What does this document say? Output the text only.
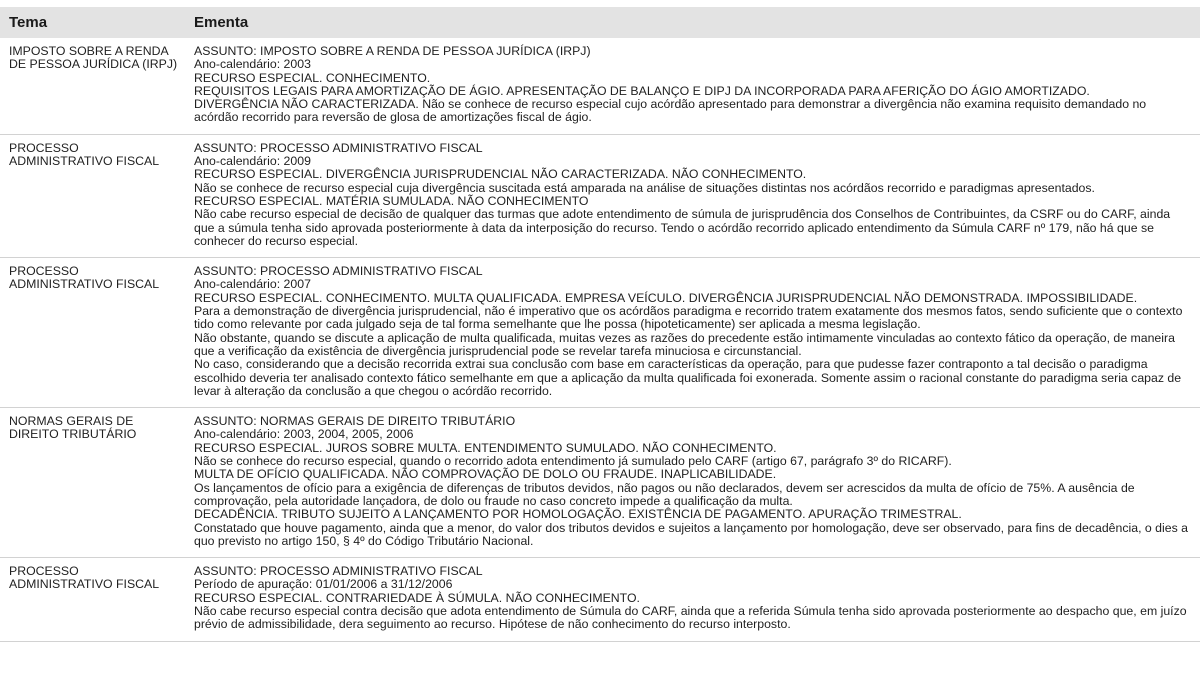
Tema	Ementa
IMPOSTO SOBRE A RENDA DE PESSOA JURÍDICA (IRPJ)
ASSUNTO: IMPOSTO SOBRE A RENDA DE PESSOA JURÍDICA (IRPJ)
Ano-calendário: 2003
RECURSO ESPECIAL. CONHECIMENTO.
REQUISITOS LEGAIS PARA AMORTIZAÇÃO DE ÁGIO. APRESENTAÇÃO DE BALANÇO E DIPJ DA INCORPORADA PARA AFERIÇÃO DO ÁGIO AMORTIZADO.
DIVERGÊNCIA NÃO CARACTERIZADA. Não se conhece de recurso especial cujo acórdão apresentado para demonstrar a divergência não examina requisito demandado no acórdão recorrido para reversão de glosa de amortizações fiscal de ágio.
PROCESSO ADMINISTRATIVO FISCAL
ASSUNTO: PROCESSO ADMINISTRATIVO FISCAL
Ano-calendário: 2009
RECURSO ESPECIAL. DIVERGÊNCIA JURISPRUDENCIAL NÃO CARACTERIZADA. NÃO CONHECIMENTO.
Não se conhece de recurso especial cuja divergência suscitada está amparada na análise de situações distintas nos acórdãos recorrido e paradigmas apresentados.
RECURSO ESPECIAL. MATÉRIA SUMULADA. NÃO CONHECIMENTO
Não cabe recurso especial de decisão de qualquer das turmas que adote entendimento de súmula de jurisprudência dos Conselhos de Contribuintes, da CSRF ou do CARF, ainda que a súmula tenha sido aprovada posteriormente à data da interposição do recurso. Tendo o acórdão recorrido aplicado entendimento da Súmula CARF nº 179, não há que se conhecer do recurso especial.
PROCESSO ADMINISTRATIVO FISCAL
ASSUNTO: PROCESSO ADMINISTRATIVO FISCAL
Ano-calendário: 2007
RECURSO ESPECIAL. CONHECIMENTO. MULTA QUALIFICADA. EMPRESA VEÍCULO. DIVERGÊNCIA JURISPRUDENCIAL NÃO DEMONSTRADA. IMPOSSIBILIDADE.
Para a demonstração de divergência jurisprudencial, não é imperativo que os acórdãos paradigma e recorrido tratem exatamente dos mesmos fatos, sendo suficiente que o contexto tido como relevante por cada julgado seja de tal forma semelhante que lhe possa (hipoteticamente) ser aplicada a mesma legislação.
Não obstante, quando se discute a aplicação de multa qualificada, muitas vezes as razões do precedente estão intimamente vinculadas ao contexto fático da operação, de maneira que a verificação da existência de divergência jurisprudencial pode se revelar tarefa minuciosa e circunstancial.
No caso, considerando que a decisão recorrida extrai sua conclusão com base em características da operação, para que pudesse fazer contraponto a tal decisão o paradigma escolhido deveria ter analisado contexto fático semelhante em que a aplicação da multa qualificada foi exonerada. Somente assim o racional constante do paradigma seria capaz de levar à alteração da conclusão a que chegou o acórdão recorrido.
NORMAS GERAIS DE DIREITO TRIBUTÁRIO
ASSUNTO: NORMAS GERAIS DE DIREITO TRIBUTÁRIO
Ano-calendário: 2003, 2004, 2005, 2006
RECURSO ESPECIAL. JUROS SOBRE MULTA. ENTENDIMENTO SUMULADO. NÃO CONHECIMENTO.
Não se conhece do recurso especial, quando o recorrido adota entendimento já sumulado pelo CARF (artigo 67, parágrafo 3º do RICARF).
MULTA DE OFÍCIO QUALIFICADA. NÃO COMPROVAÇÃO DE DOLO OU FRAUDE. INAPLICABILIDADE.
Os lançamentos de ofício para a exigência de diferenças de tributos devidos, não pagos ou não declarados, devem ser acrescidos da multa de ofício de 75%. A ausência de comprovação, pela autoridade lançadora, de dolo ou fraude no caso concreto impede a qualificação da multa.
DECADÊNCIA. TRIBUTO SUJEITO A LANÇAMENTO POR HOMOLOGAÇÃO. EXISTÊNCIA DE PAGAMENTO. APURAÇÃO TRIMESTRAL.
Constatado que houve pagamento, ainda que a menor, do valor dos tributos devidos e sujeitos a lançamento por homologação, deve ser observado, para fins de decadência, o dies a quo previsto no artigo 150, § 4º do Código Tributário Nacional.
PROCESSO ADMINISTRATIVO FISCAL
ASSUNTO: PROCESSO ADMINISTRATIVO FISCAL
Período de apuração: 01/01/2006 a 31/12/2006
RECURSO ESPECIAL. CONTRARIEDADE À SÚMULA. NÃO CONHECIMENTO.
Não cabe recurso especial contra decisão que adota entendimento de Súmula do CARF, ainda que a referida Súmula tenha sido aprovada posteriormente ao despacho que, em juízo prévio de admissibilidade, dera seguimento ao recurso. Hipótese de não conhecimento do recurso interposto.
